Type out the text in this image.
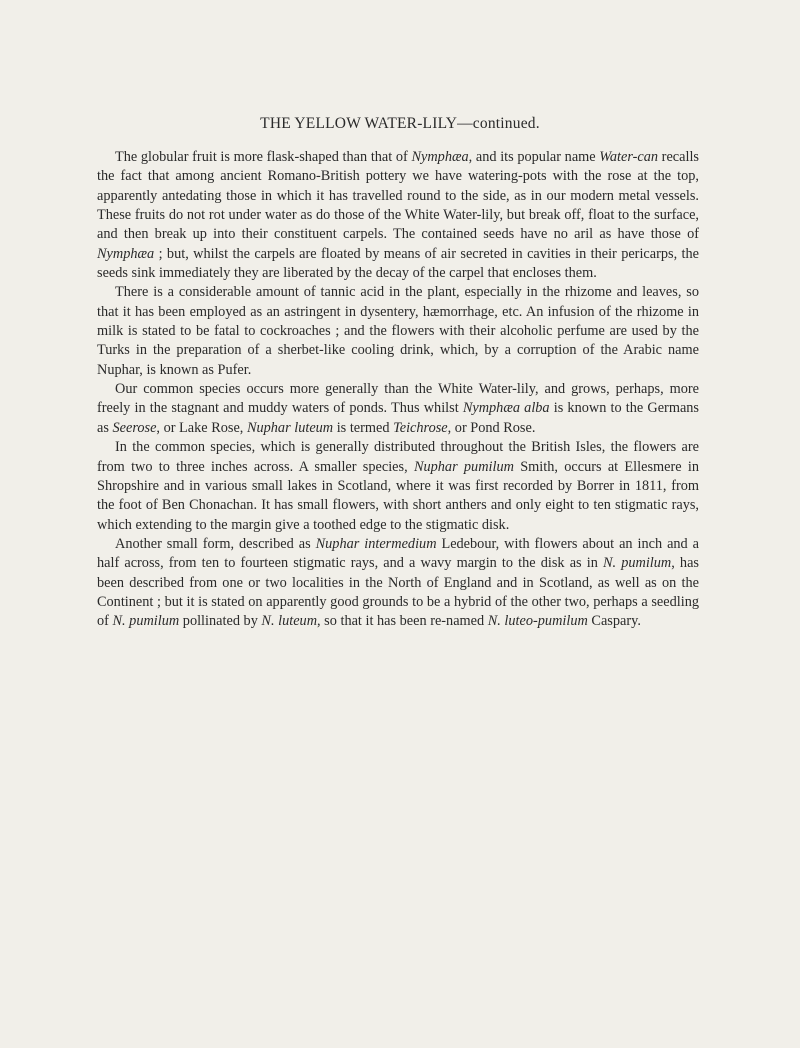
THE YELLOW WATER-LILY—continued.

The globular fruit is more flask-shaped than that of Nymphæa, and its popular name Water-can recalls the fact that among ancient Romano-British pottery we have watering-pots with the rose at the top, apparently antedating those in which it has travelled round to the side, as in our modern metal vessels. These fruits do not rot under water as do those of the White Water-lily, but break off, float to the surface, and then break up into their constituent carpels. The contained seeds have no aril as have those of Nymphæa ; but, whilst the carpels are floated by means of air secreted in cavities in their pericarps, the seeds sink immediately they are liberated by the decay of the carpel that encloses them.

There is a considerable amount of tannic acid in the plant, especially in the rhizome and leaves, so that it has been employed as an astringent in dysentery, hæmorrhage, etc. An infusion of the rhizome in milk is stated to be fatal to cockroaches ; and the flowers with their alcoholic perfume are used by the Turks in the preparation of a sherbet-like cooling drink, which, by a corruption of the Arabic name Nuphar, is known as Pufer.

Our common species occurs more generally than the White Water-lily, and grows, perhaps, more freely in the stagnant and muddy waters of ponds. Thus whilst Nymphæa alba is known to the Germans as Seerose, or Lake Rose, Nuphar luteum is termed Teichrose, or Pond Rose.

In the common species, which is generally distributed throughout the British Isles, the flowers are from two to three inches across. A smaller species, Nuphar pumilum Smith, occurs at Ellesmere in Shropshire and in various small lakes in Scotland, where it was first recorded by Borrer in 1811, from the foot of Ben Chonachan. It has small flowers, with short anthers and only eight to ten stigmatic rays, which extending to the margin give a toothed edge to the stigmatic disk.

Another small form, described as Nuphar intermedium Ledebour, with flowers about an inch and a half across, from ten to fourteen stigmatic rays, and a wavy margin to the disk as in N. pumilum, has been described from one or two localities in the North of England and in Scotland, as well as on the Continent ; but it is stated on apparently good grounds to be a hybrid of the other two, perhaps a seedling of N. pumilum pollinated by N. luteum, so that it has been re-named N. luteo-pumilum Caspary.
